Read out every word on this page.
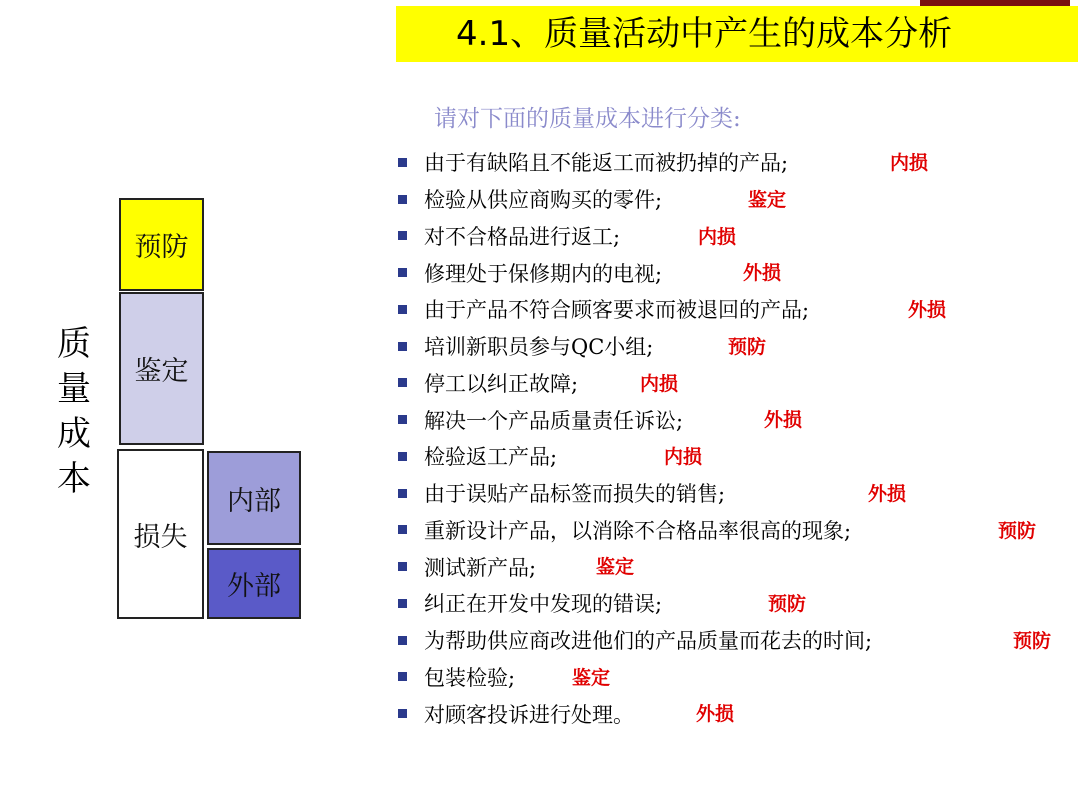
4.1、质量活动中产生的成本分析
质量成本
预防
鉴定
损失
内部
外部
请对下面的质量成本进行分类:
由于有缺陷且不能返工而被扔掉的产品;	内损
检验从供应商购买的零件;	鉴定
对不合格品进行返工;	内损
修理处于保修期内的电视;	外损
由于产品不符合顾客要求而被退回的产品;	外损
培训新职员参与QC小组;	预防
停工以纠正故障;	内损
解决一个产品质量责任诉讼;	外损
检验返工产品;	内损
由于误贴产品标签而损失的销售;	外损
重新设计产品，以消除不合格品率很高的现象;	预防
测试新产品;	鉴定
纠正在开发中发现的错误;	预防
为帮助供应商改进他们的产品质量而花去的时间;	预防
包装检验;	鉴定
对顾客投诉进行处理。	外损
